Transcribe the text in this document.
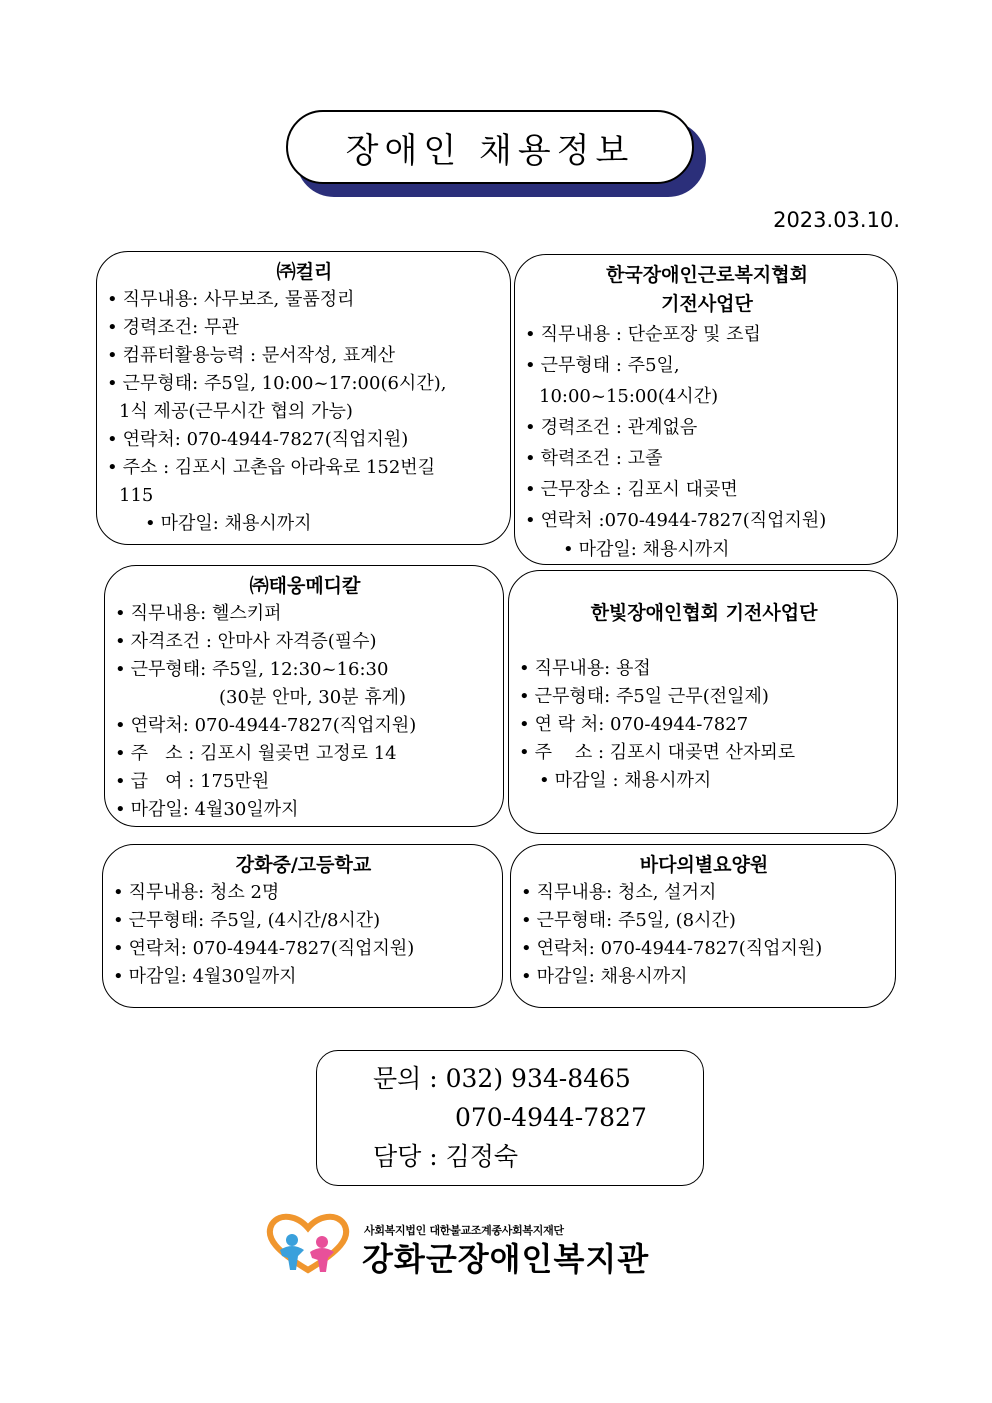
장애인 채용정보
2023.03.10.
㈜컬리
• 직무내용: 사무보조, 물품정리
• 경력조건: 무관
• 컴퓨터활용능력 : 문서작성, 표계산
• 근무형태: 주5일, 10:00~17:00(6시간),
1식 제공(근무시간 협의 가능)
• 연락처: 070-4944-7827(직업지원)
• 주소 : 김포시 고촌읍 아라육로 152번길
115
• 마감일: 채용시까지
한국장애인근로복지협회
기전사업단
• 직무내용 : 단순포장 및 조립
• 근무형태 : 주5일,
10:00~15:00(4시간)
• 경력조건 : 관계없음
• 학력조건 : 고졸
• 근무장소 : 김포시 대곶면
• 연락처 :070-4944-7827(직업지원)
• 마감일: 채용시까지
㈜태웅메디칼
• 직무내용: 헬스키퍼
• 자격조건 : 안마사 자격증(필수)
• 근무형태: 주5일, 12:30~16:30
(30분 안마, 30분 휴게)
• 연락처: 070-4944-7827(직업지원)
• 주   소 : 김포시 월곶면 고정로 14
• 급   여 : 175만원
• 마감일: 4월30일까지
한빛장애인협회 기전사업단
• 직무내용: 용접
• 근무형태: 주5일 근무(전일제)
• 연 락 처: 070-4944-7827
• 주    소 : 김포시 대곶면 산자뫼로
• 마감일 : 채용시까지
강화중/고등학교
• 직무내용: 청소 2명
• 근무형태: 주5일, (4시간/8시간)
• 연락처: 070-4944-7827(직업지원)
• 마감일: 4월30일까지
바다의별요양원
• 직무내용: 청소, 설거지
• 근무형태: 주5일, (8시간)
• 연락처: 070-4944-7827(직업지원)
• 마감일: 채용시까지
문의 : 032) 934-8465
070-4944-7827
담당 : 김정숙
사회복지법인 대한불교조계종사회복지재단
강화군장애인복지관
